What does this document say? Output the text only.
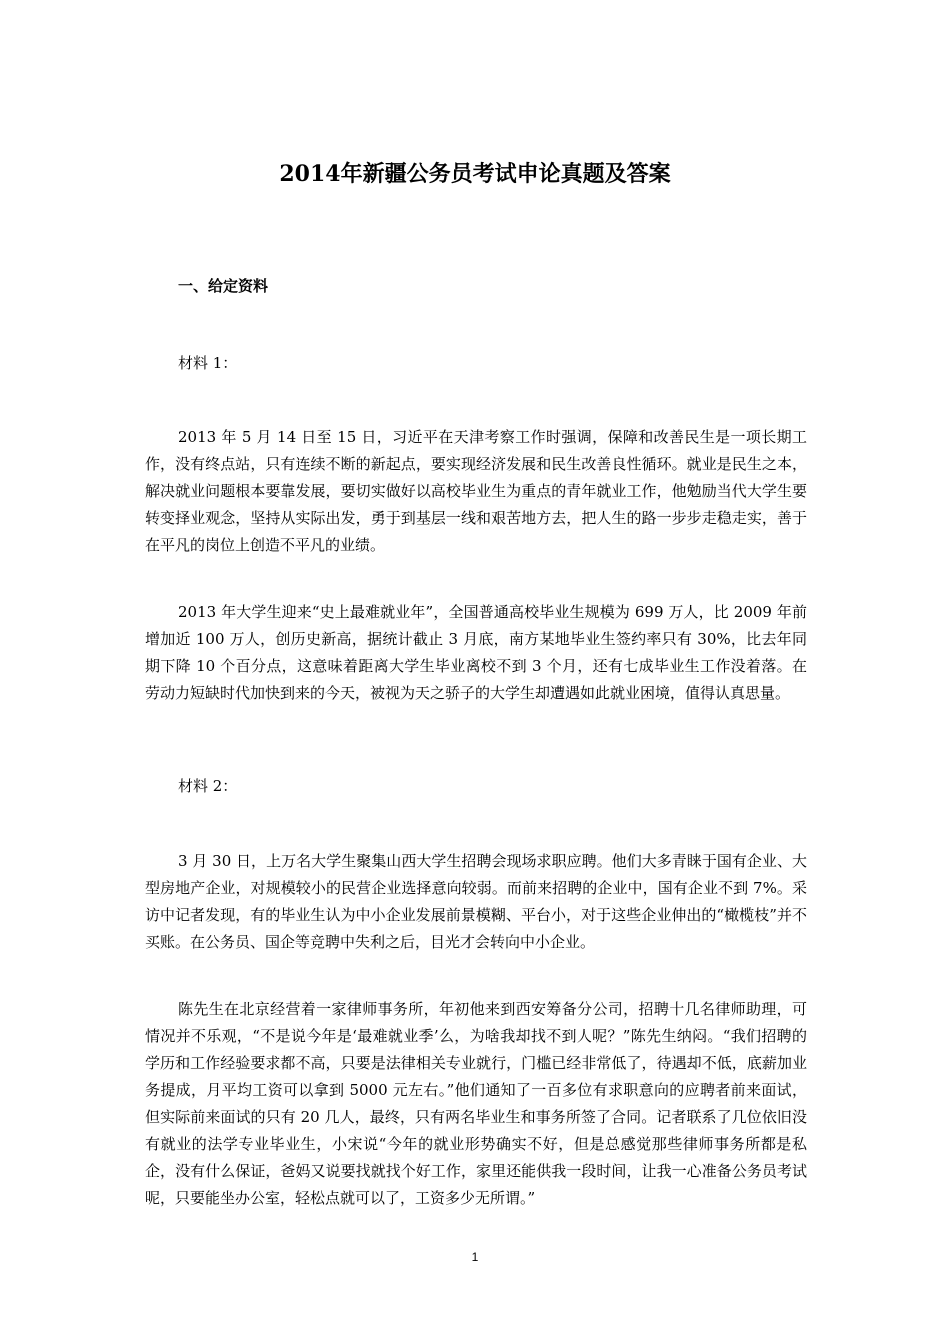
2014年新疆公务员考试申论真题及答案
一、给定资料
材料 1：

2013 年 5 月 14 日至 15 日，习近平在天津考察工作时强调，保障和改善民生是一项长期工作，没有终点站，只有连续不断的新起点，要实现经济发展和民生改善良性循环。就业是民生之本，解决就业问题根本要靠发展，要切实做好以高校毕业生为重点的青年就业工作，他勉励当代大学生要转变择业观念，坚持从实际出发，勇于到基层一线和艰苦地方去，把人生的路一步步走稳走实，善于在平凡的岗位上创造不平凡的业绩。

2013 年大学生迎来“史上最难就业年”，全国普通高校毕业生规模为 699 万人，比 2009 年前增加近 100 万人，创历史新高，据统计截止 3 月底，南方某地毕业生签约率只有 30%，比去年同期下降 10 个百分点，这意味着距离大学生毕业离校不到 3 个月，还有七成毕业生工作没着落。在劳动力短缺时代加快到来的今天，被视为天之骄子的大学生却遭遇如此就业困境，值得认真思量。

材料 2：

3 月 30 日，上万名大学生聚集山西大学生招聘会现场求职应聘。他们大多青睐于国有企业、大型房地产企业，对规模较小的民营企业选择意向较弱。而前来招聘的企业中，国有企业不到 7%。采访中记者发现，有的毕业生认为中小企业发展前景模糊、平台小，对于这些企业伸出的“橄榄枝”并不买账。在公务员、国企等竞聘中失利之后，目光才会转向中小企业。

陈先生在北京经营着一家律师事务所，年初他来到西安筹备分公司，招聘十几名律师助理，可情况并不乐观，“不是说今年是‘最难就业季’么，为啥我却找不到人呢？”陈先生纳闷。“我们招聘的学历和工作经验要求都不高，只要是法律相关专业就行，门槛已经非常低了，待遇却不低，底薪加业务提成，月平均工资可以拿到 5000 元左右。”他们通知了一百多位有求职意向的应聘者前来面试，但实际前来面试的只有 20 几人，最终，只有两名毕业生和事务所签了合同。记者联系了几位依旧没有就业的法学专业毕业生，小宋说“今年的就业形势确实不好，但是总感觉那些律师事务所都是私企，没有什么保证，爸妈又说要找就找个好工作，家里还能供我一段时间，让我一心准备公务员考试呢，只要能坐办公室，轻松点就可以了，工资多少无所谓。”

1
